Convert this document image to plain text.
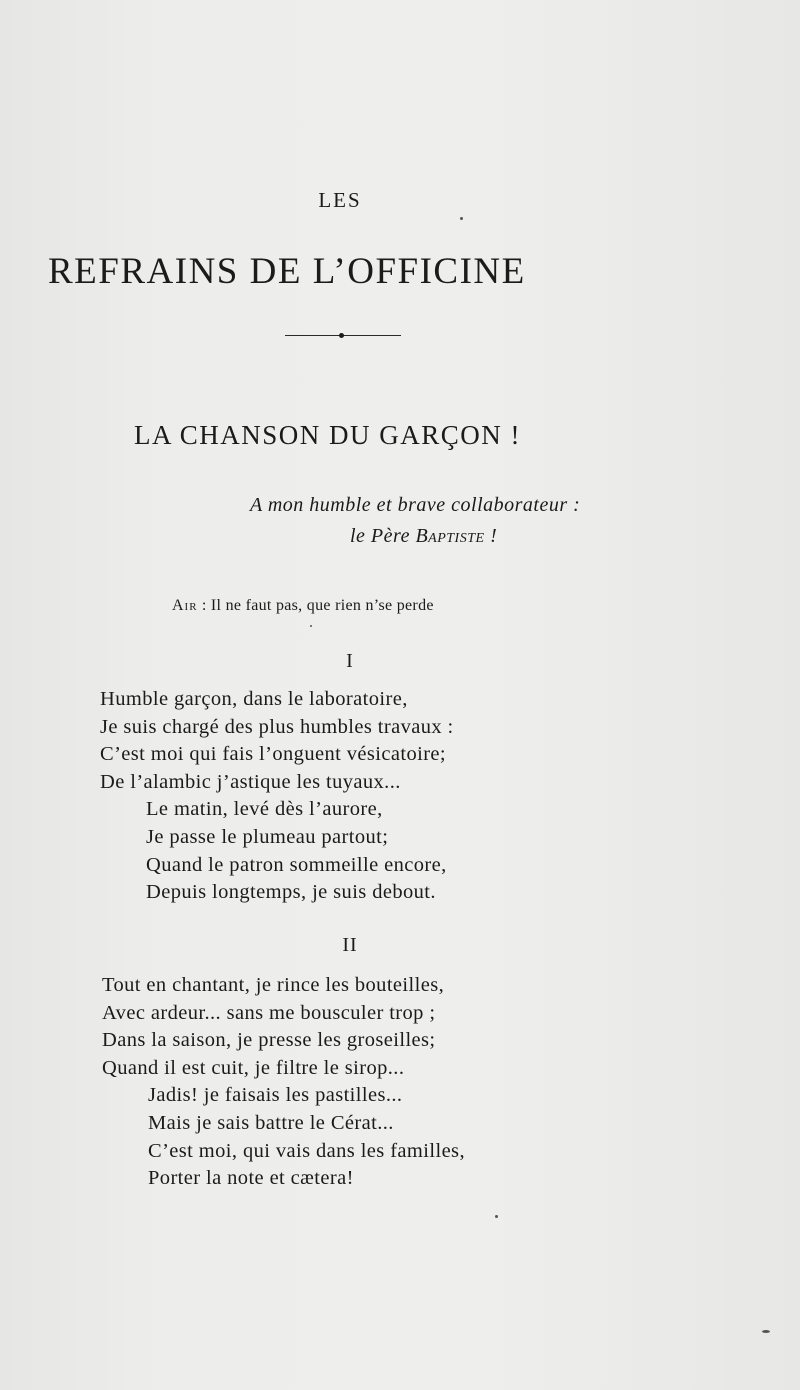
LES
REFRAINS DE L’OFFICINE
LA CHANSON DU GARÇON !
A mon humble et brave collaborateur :
le Père Baptiste !
Air : Il ne faut pas, que rien n’se perde
I
Humble garçon, dans le laboratoire,
Je suis chargé des plus humbles travaux :
C’est moi qui fais l’onguent vésicatoire;
De l’alambic j’astique les tuyaux...
Le matin, levé dès l’aurore,
Je passe le plumeau partout;
Quand le patron sommeille encore,
Depuis longtemps, je suis debout.
II
Tout en chantant, je rince les bouteilles,
Avec ardeur... sans me bousculer trop ;
Dans la saison, je presse les groseilles;
Quand il est cuit, je filtre le sirop...
Jadis! je faisais les pastilles...
Mais je sais battre le Cérat...
C’est moi, qui vais dans les familles,
Porter la note et cætera!
